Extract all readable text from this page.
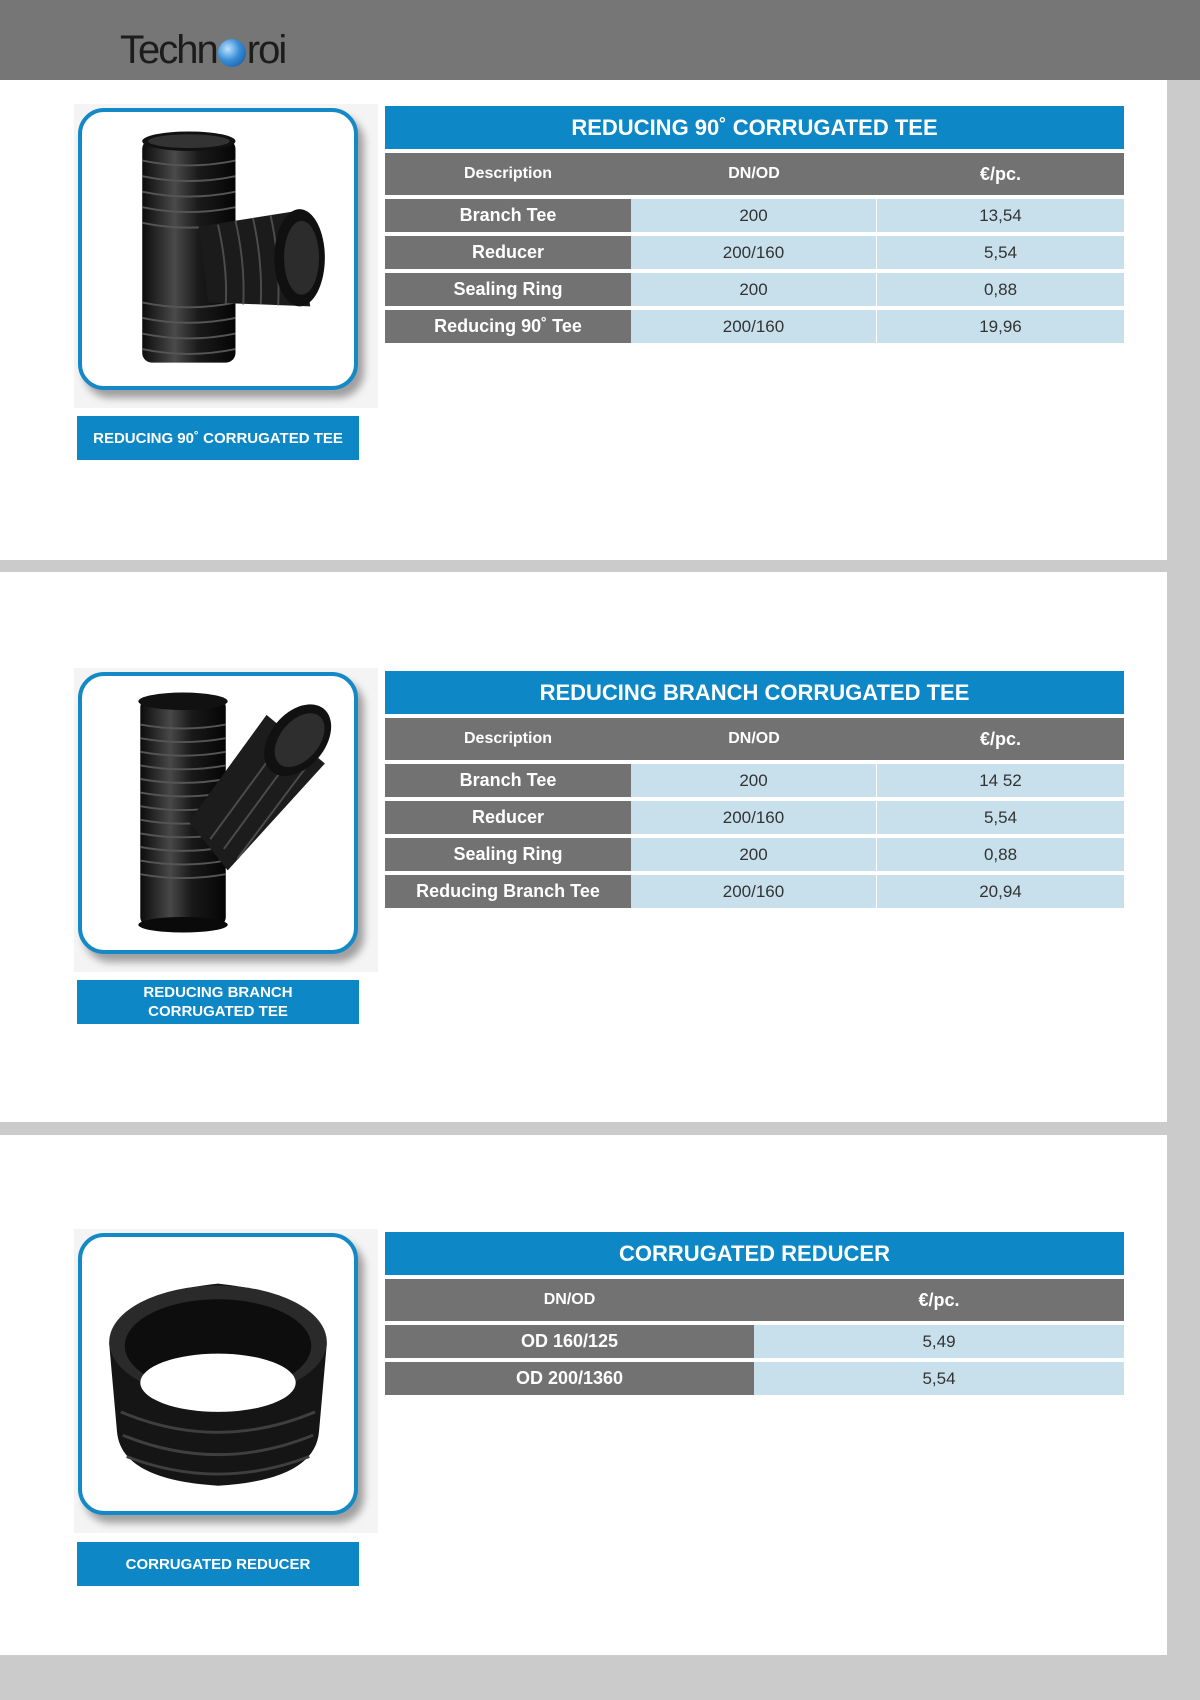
Techn roi
REDUCING 90˚ CORRUGATED TEE
REDUCING 90˚ CORRUGATED TEE
Description	DN/OD	€/pc.
Branch Tee	200	13,54
Reducer	200/160	5,54
Sealing Ring	200	0,88
Reducing 90˚ Tee	200/160	19,96
REDUCING BRANCH
CORRUGATED TEE
REDUCING BRANCH CORRUGATED TEE
Description	DN/OD	€/pc.
Branch Tee	200	14 52
Reducer	200/160	5,54
Sealing Ring	200	0,88
Reducing Branch Tee	200/160	20,94
CORRUGATED REDUCER
CORRUGATED REDUCER
DN/OD	€/pc.
OD 160/125	5,49
OD 200/1360	5,54
